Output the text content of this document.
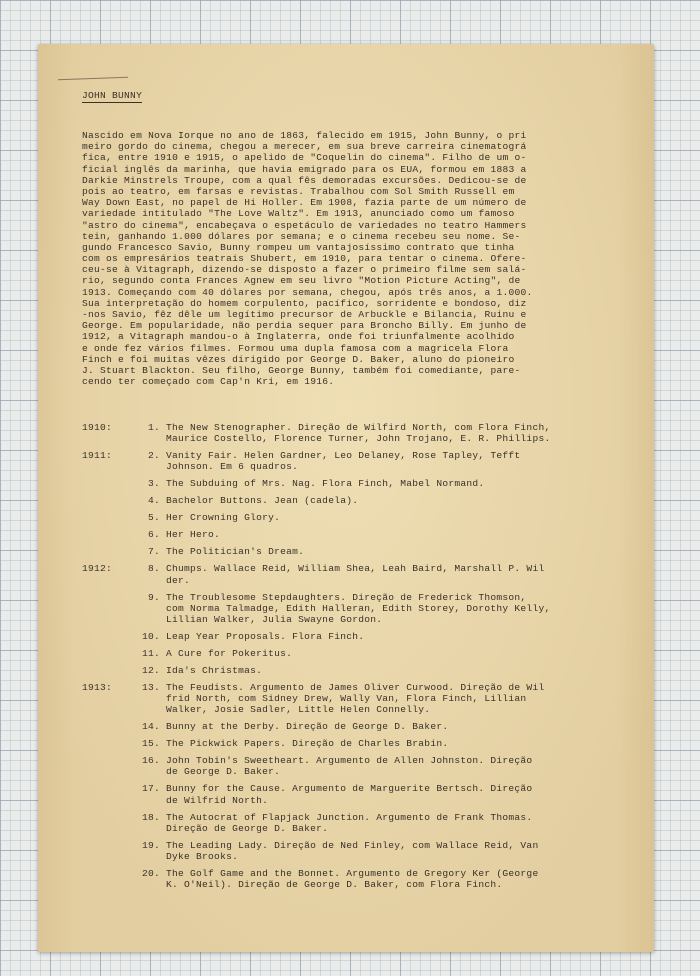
JOHN BUNNY
Nascido em Nova Iorque no ano de 1863, falecido em 1915, John Bunny, o pri
meiro gordo do cinema, chegou a merecer, em sua breve carreira cinematográ
fica, entre 1910 e 1915, o apelido de "Coquelin do cinema". Filho de um o-
ficial inglês da marinha, que havia emigrado para os EUA, formou em 1883 a
Darkie Minstrels Troupe, com a qual fês demoradas excursões. Dedicou-se de
pois ao teatro, em farsas e revistas. Trabalhou com Sol Smith Russell em
Way Down East, no papel de Hi Holler. Em 1908, fazia parte de um número de
variedade intitulado "The Love Waltz". Em 1913, anunciado como um famoso
"astro do cinema", encabeçava o espetáculo de variedades no teatro Hammers
tein, ganhando 1.000 dólares por semana; e o cinema recebeu seu nome. Se-
gundo Francesco Savio, Bunny rompeu um vantajosíssimo contrato que tinha
com os empresários teatrais Shubert, em 1910, para tentar o cinema. Ofere-
ceu-se à Vitagraph, dizendo-se disposto a fazer o primeiro filme sem salá-
rio, segundo conta Frances Agnew em seu livro "Motion Picture Acting", de
1913. Começando com 40 dólares por semana, chegou, após três anos, a 1.000.
Sua interpretação do homem corpulento, pacífico, sorridente e bondoso, diz
-nos Savio, fêz dêle um legítimo precursor de Arbuckle e Bilancia, Ruinu e
George. Em popularidade, não perdia sequer para Broncho Billy. Em junho de
1912, a Vitagraph mandou-o à Inglaterra, onde foi triunfalmente acolhido
e onde fez vários filmes. Formou uma dupla famosa com a magricela Flora
Finch e foi muitas vêzes dirigido por George D. Baker, aluno do pioneiro
J. Stuart Blackton. Seu filho, George Bunny, também foi comediante, pare-
cendo ter começado com Cap'n Kri, em 1916.
1910:	1. The New Stenographer. Direção de Wilfird North, com Flora Finch,
Maurice Costello, Florence Turner, John Trojano, E. R. Phillips.
1911:	2. Vanity Fair. Helen Gardner, Leo Delaney, Rose Tapley, Tefft
Johnson. Em 6 quadros.
3. The Subduing of Mrs. Nag. Flora Finch, Mabel Normand.
4. Bachelor Buttons. Jean (cadela).
5. Her Crowning Glory.
6. Her Hero.
7. The Politician's Dream.
1912:	8. Chumps. Wallace Reid, William Shea, Leah Baird, Marshall P. Wil
der.
9. The Troublesome Stepdaughters. Direção de Frederick Thomson,
com Norma Talmadge, Edith Halleran, Edith Storey, Dorothy Kelly,
Lillian Walker, Julia Swayne Gordon.
10. Leap Year Proposals. Flora Finch.
11. A Cure for Pokeritus.
12. Ida's Christmas.
1913:	13. The Feudists. Argumento de James Oliver Curwood. Direção de Wil
frid North, com Sidney Drew, Wally Van, Flora Finch, Lillian
Walker, Josie Sadler, Little Helen Connelly.
14. Bunny at the Derby. Direção de George D. Baker.
15. The Pickwick Papers. Direção de Charles Brabin.
16. John Tobin's Sweetheart. Argumento de Allen Johnston. Direção
de George D. Baker.
17. Bunny for the Cause. Argumento de Marguerite Bertsch. Direção
de Wilfrid North.
18. The Autocrat of Flapjack Junction. Argumento de Frank Thomas.
Direção de George D. Baker.
19. The Leading Lady. Direção de Ned Finley, com Wallace Reid, Van
Dyke Brooks.
20. The Golf Game and the Bonnet. Argumento de Gregory Ker (George
K. O'Neil). Direção de George D. Baker, com Flora Finch.
